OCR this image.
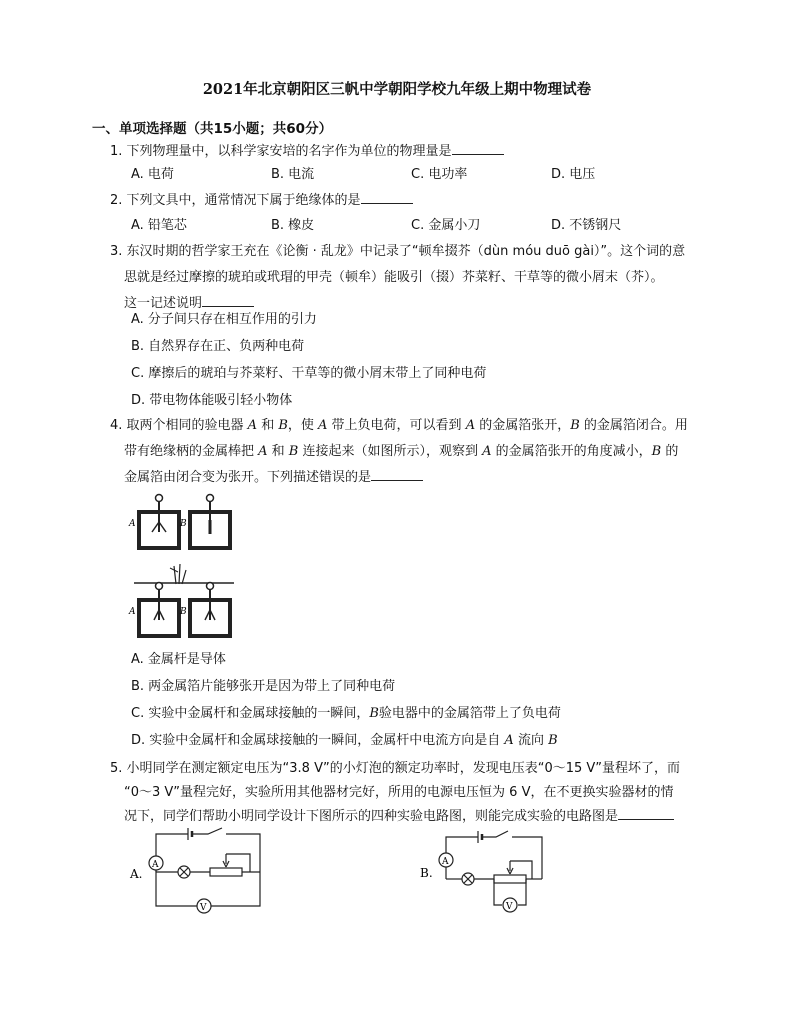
2021年北京朝阳区三帆中学朝阳学校九年级上期中物理试卷
一、单项选择题（共15小题；共60分）

1. 下列物理量中，以科学家安培的名字作为单位的物理量是

A. 电荷	B. 电流	C. 电功率	D. 电压

2. 下列文具中，通常情况下属于绝缘体的是

A. 铅笔芯	B. 橡皮	C. 金属小刀	D. 不锈钢尺

3. 东汉时期的哲学家王充在《论衡 · 乱龙》中记录了“顿牟掇芥（dùn móu duō gài）”。这个词的意

思就是经过摩擦的琥珀或玳瑁的甲壳（顿牟）能吸引（掇）芥菜籽、干草等的微小屑末（芥）。

这一记述说明

A. 分子间只存在相互作用的引力
B. 自然界存在正、负两种电荷
C. 摩擦后的琥珀与芥菜籽、干草等的微小屑末带上了同种电荷
D. 带电物体能吸引轻小物体

4. 取两个相同的验电器 A 和 B，使 A 带上负电荷，可以看到 A 的金属箔张开，B 的金属箔闭合。用

带有绝缘柄的金属棒把 A 和 B 连接起来（如图所示），观察到 A 的金属箔张开的角度减小，B 的

金属箔由闭合变为张开。下列描述错误的是

A	B
A	B
A. 金属杆是导体
B. 两金属箔片能够张开是因为带上了同种电荷
C. 实验中金属杆和金属球接触的一瞬间，B验电器中的金属箔带上了负电荷
D. 实验中金属杆和金属球接触的一瞬间，金属杆中电流方向是自 A 流向 B

5. 小明同学在测定额定电压为“3.8 V”的小灯泡的额定功率时，发现电压表“0～15 V”量程坏了，而

“0～3 V”量程完好，实验所用其他器材完好，所用的电源电压恒为 6 V，在不更换实验器材的情

况下，同学们帮助小明同学设计下图所示的四种实验电路图，则能完成实验的电路图是

A.
A
V
B.
A
V
